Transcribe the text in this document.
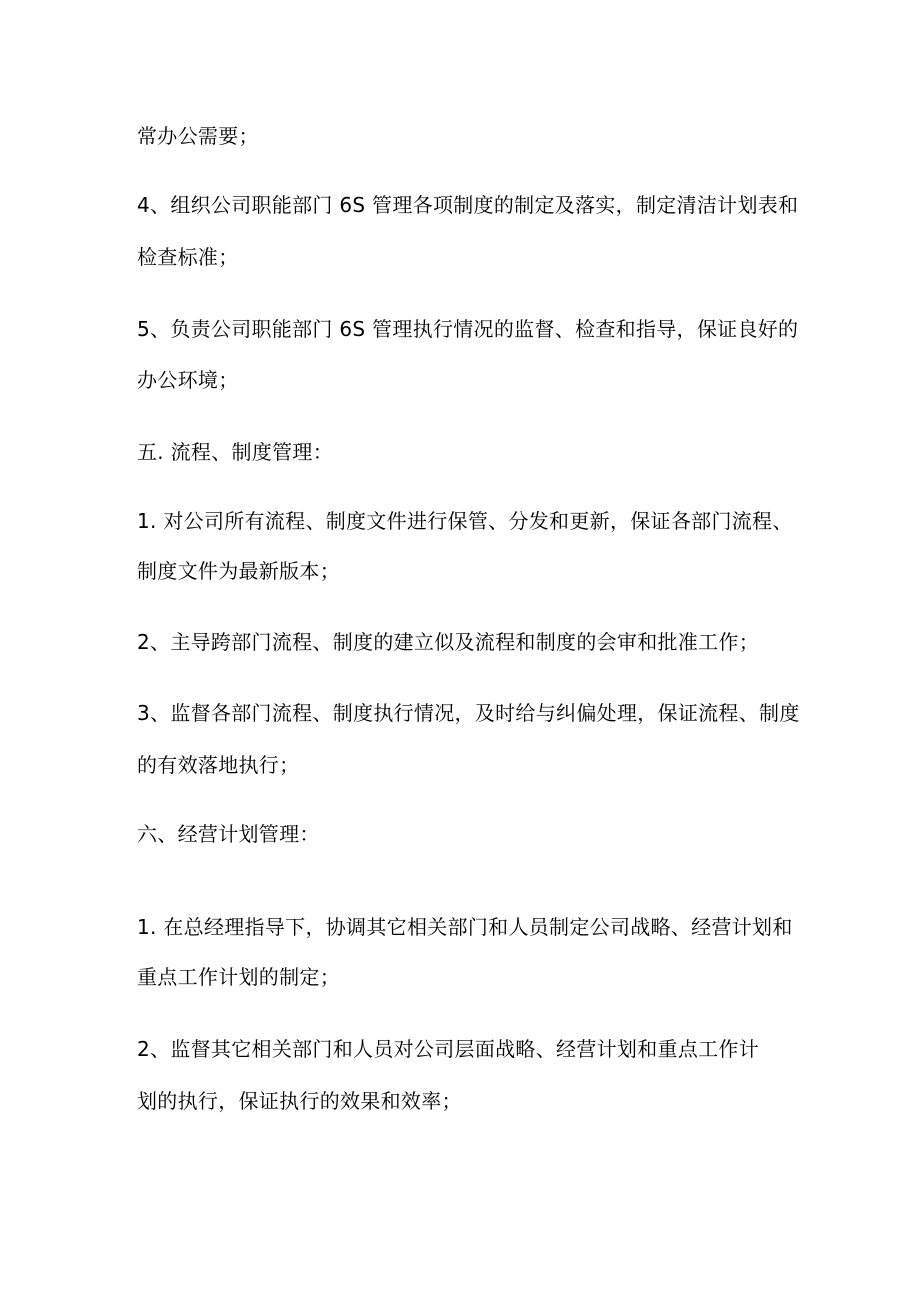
常办公需要；
4、组织公司职能部门 6S 管理各项制度的制定及落实，制定清洁计划表和
检查标准；
5、负责公司职能部门 6S 管理执行情况的监督、检查和指导，保证良好的
办公环境；
五. 流程、制度管理：
1. 对公司所有流程、制度文件进行保管、分发和更新，保证各部门流程、
制度文件为最新版本；
2、主导跨部门流程、制度的建立似及流程和制度的会审和批准工作；
3、监督各部门流程、制度执行情况，及时给与纠偏处理，保证流程、制度
的有效落地执行；
六、经营计划管理：
1. 在总经理指导下，协调其它相关部门和人员制定公司战略、经营计划和
重点工作计划的制定；
2、监督其它相关部门和人员对公司层面战略、经营计划和重点工作计
划的执行，保证执行的效果和效率；
